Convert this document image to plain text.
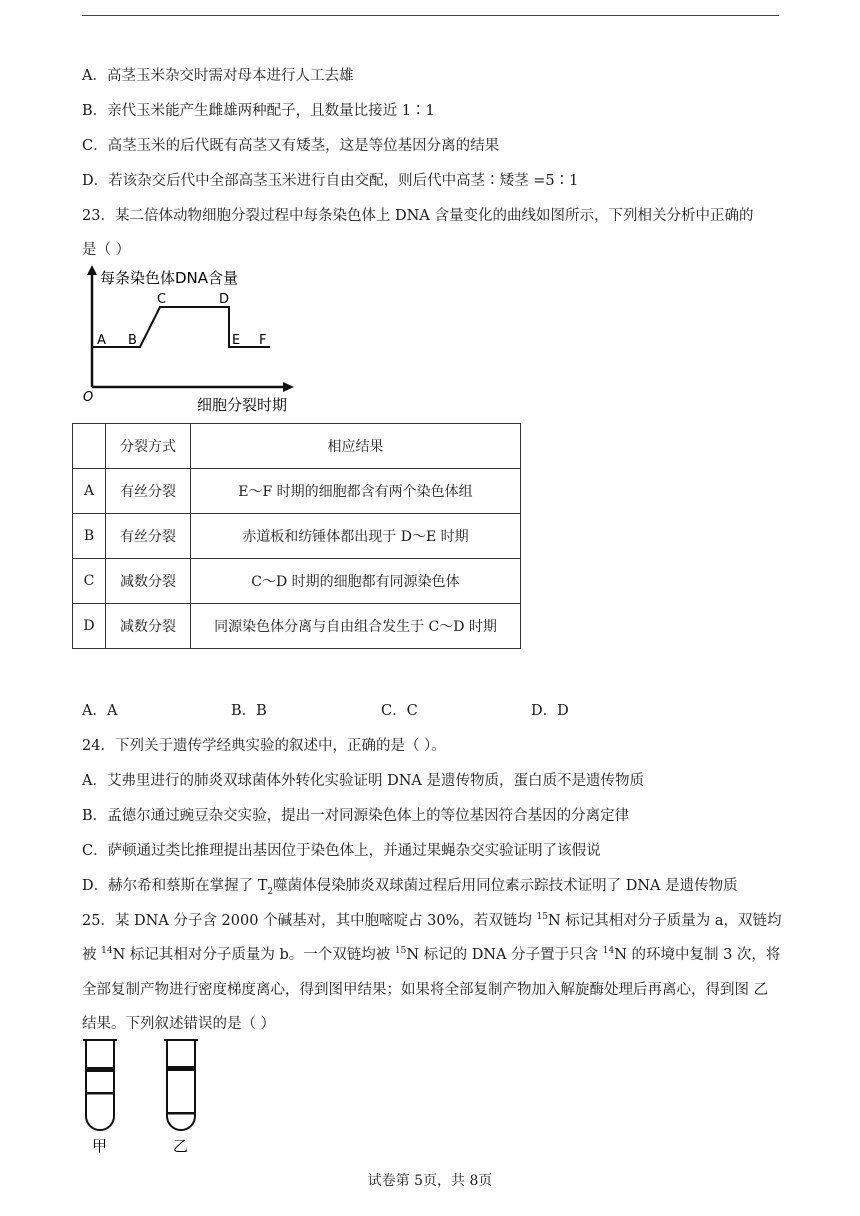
A．高茎玉米杂交时需对母本进行人工去雄
B．亲代玉米能产生雌雄两种配子，且数量比接近 1∶1
C．高茎玉米的后代既有高茎又有矮茎，这是等位基因分离的结果
D．若该杂交后代中全部高茎玉米进行自由交配，则后代中高茎∶矮茎 =5∶1
23．某二倍体动物细胞分裂过程中每条染色体上 DNA 含量变化的曲线如图所示，下列相关分析中正确的
是（ ）
每条染色体DNA含量
细胞分裂时期
O
A B
C	D
E F
	分裂方式	相应结果
A	有丝分裂	E～F 时期的细胞都含有两个染色体组
B	有丝分裂	赤道板和纺锤体都出现于 D～E 时期
C	减数分裂	C～D 时期的细胞都有同源染色体
D	减数分裂	同源染色体分离与自由组合发生于 C～D 时期
A．A	B．B	C．C	D．D
24．下列关于遗传学经典实验的叙述中，正确的是（ ）。
A．艾弗里进行的肺炎双球菌体外转化实验证明 DNA 是遗传物质，蛋白质不是遗传物质
B．孟德尔通过豌豆杂交实验，提出一对同源染色体上的等位基因符合基因的分离定律
C．萨顿通过类比推理提出基因位于染色体上，并通过果蝇杂交实验证明了该假说
D．赫尔希和蔡斯在掌握了 $T_2$噬菌体侵染肺炎双球菌过程后用同位素示踪技术证明了 DNA 是遗传物质
25．某 DNA 分子含 2000 个碱基对，其中胞嘧啶占 30%，若双链均 $^{15}$N 标记其相对分子质量为 a，双链均
被 $^{14}$N 标记其相对分子质量为 b。一个双链均被 $^{15}$N 标记的 DNA 分子置于只含 $^{14}$N 的环境中复制 3 次，将
全部复制产物进行密度梯度离心，得到图甲结果；如果将全部复制产物加入解旋酶处理后再离心，得到图 乙
结果。下列叙述错误的是（ ）
甲	乙
试卷第 5页，共 8页
